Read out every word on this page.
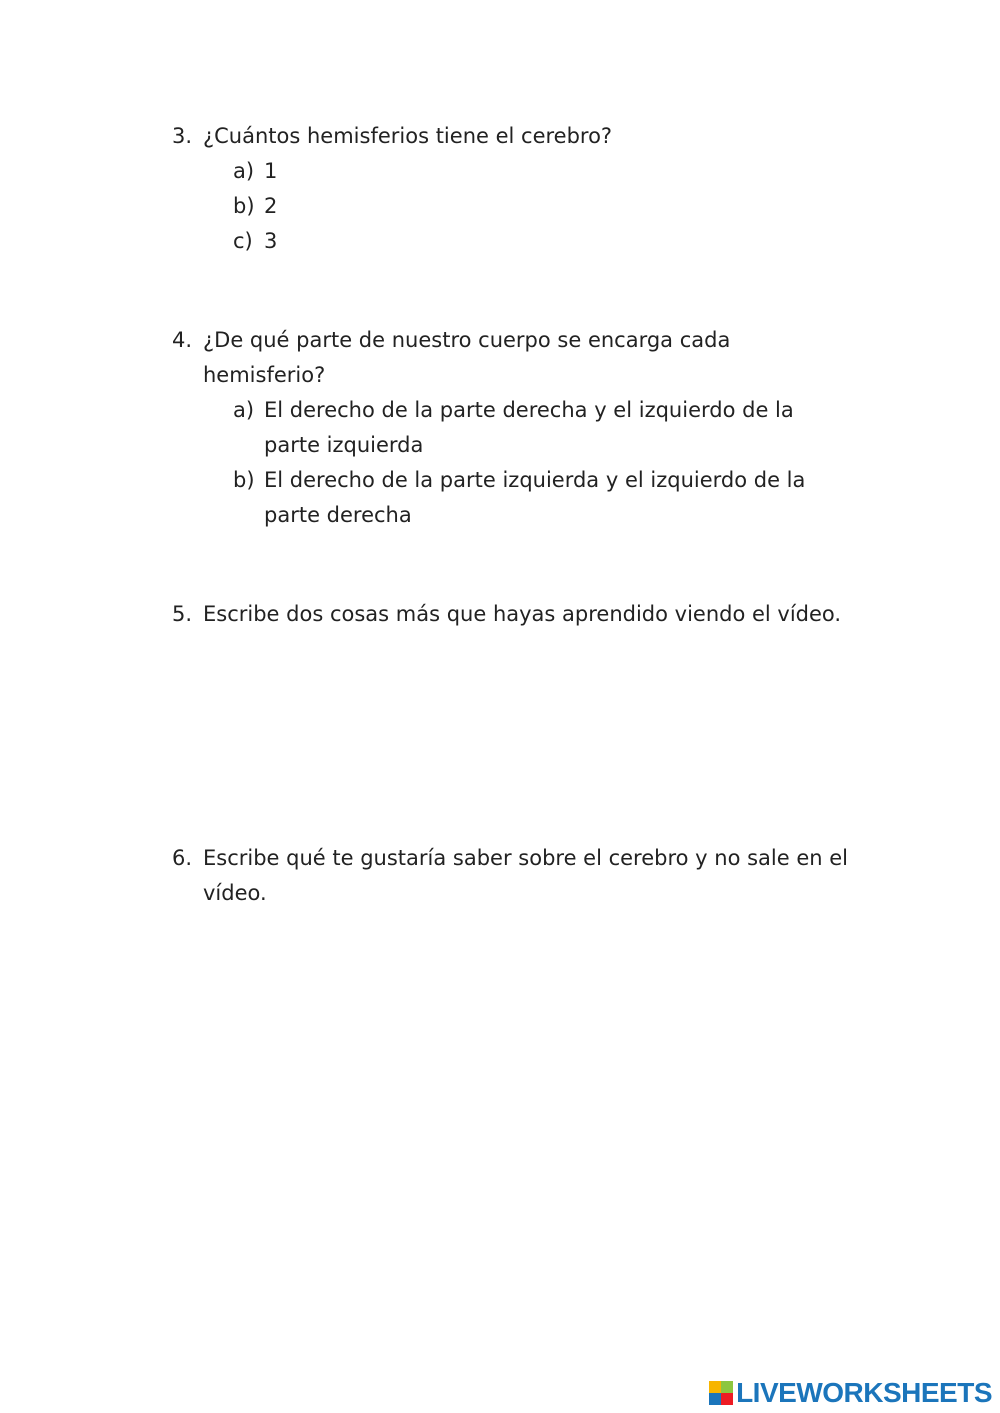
3. ¿Cuántos hemisferios tiene el cerebro?
a) 1
b) 2
c) 3
4. ¿De qué parte de nuestro cuerpo se encarga cada hemisferio?
a) El derecho de la parte derecha y el izquierdo de la parte izquierda
b) El derecho de la parte izquierda y el izquierdo de la parte derecha
5. Escribe dos cosas más que hayas aprendido viendo el vídeo.
6. Escribe qué te gustaría saber sobre el cerebro y no sale en el vídeo.
LIVEWORKSHEETS
